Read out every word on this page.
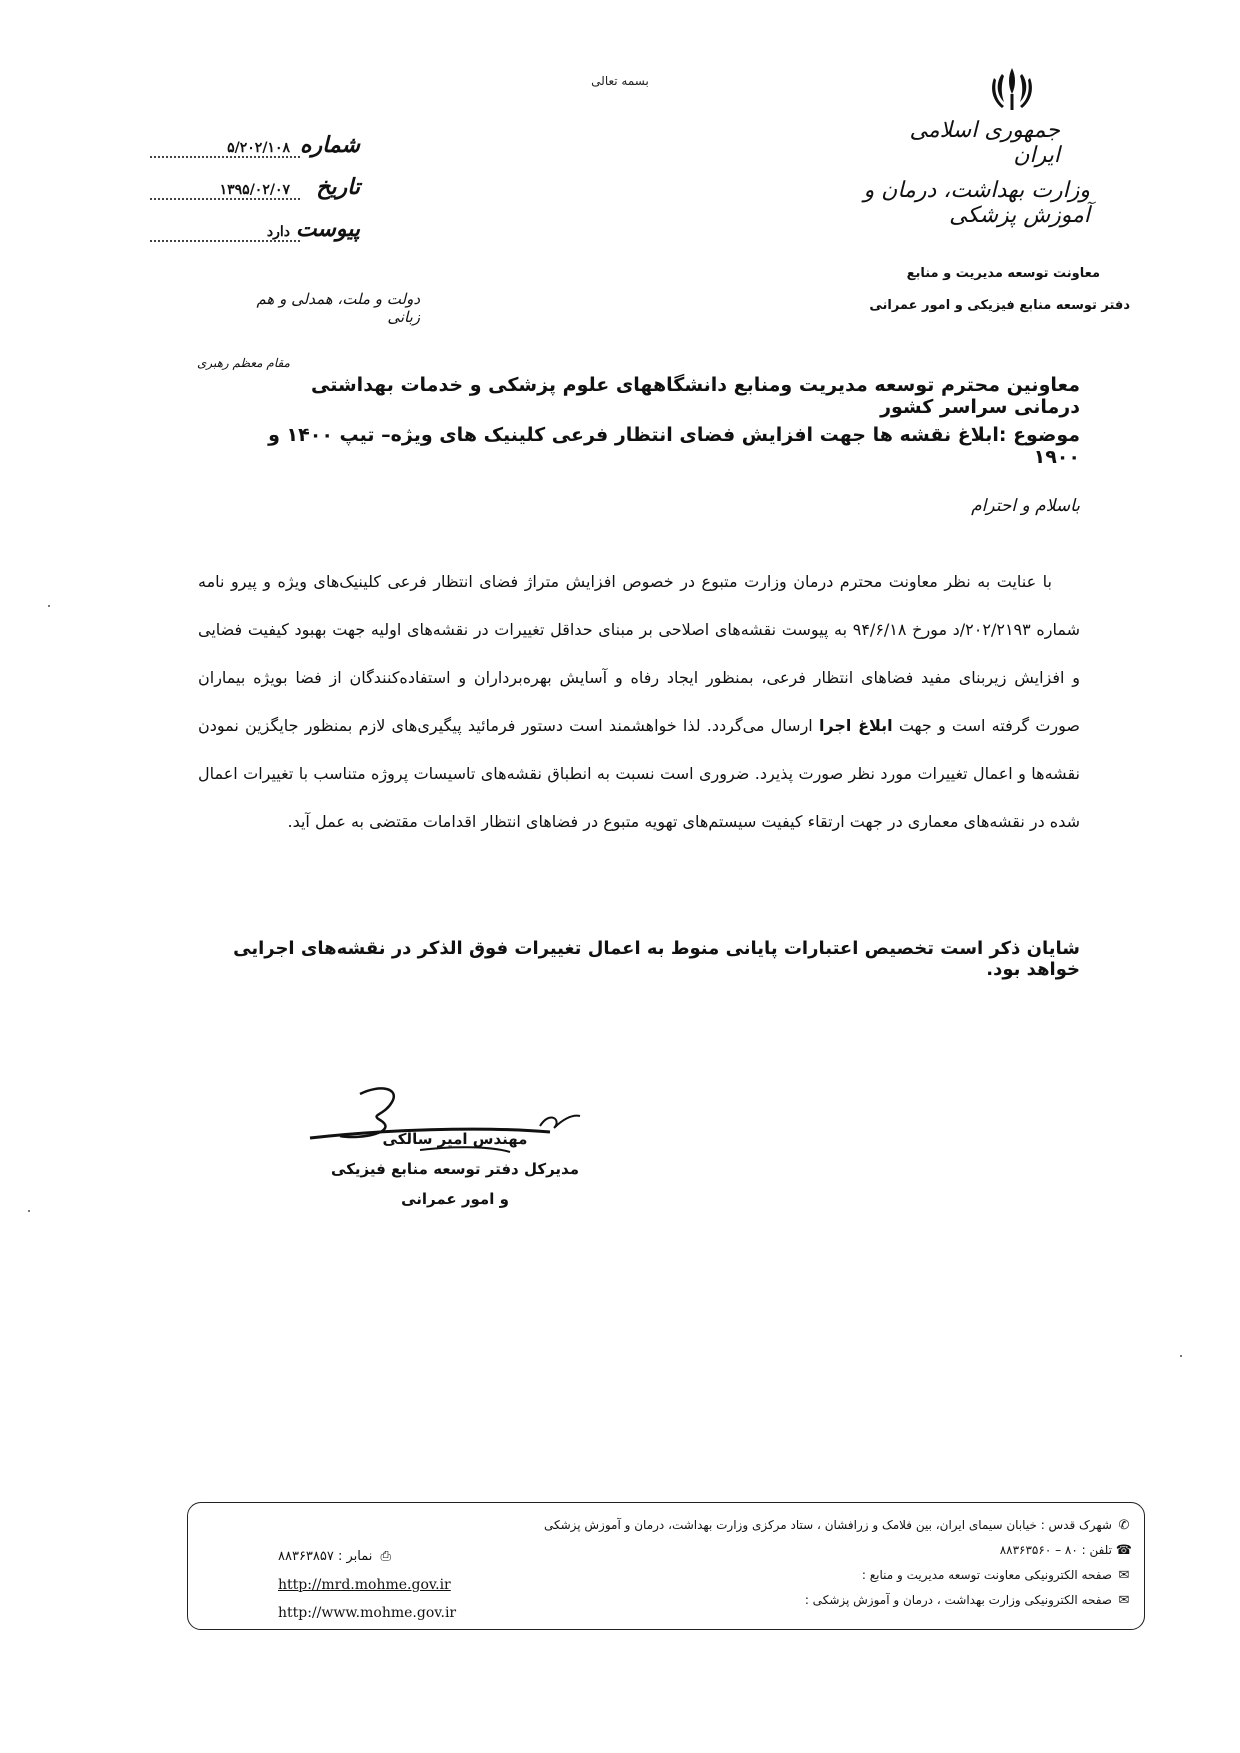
بسمه تعالی
جمهوری اسلامی ایران
وزارت بهداشت، درمان و آموزش پزشکی
معاونت توسعه مدیریت و منابع
دفتر توسعه منابع فیزیکی و امور عمرانی
شماره
۵/۲۰۲/۱۰۸
تاریخ
۱۳۹۵/۰۲/۰۷
پیوست
دارد
دولت و ملت، همدلی و هم زبانی
مقام معظم رهبری
معاونین محترم توسعه مدیریت ومنابع دانشگاههای علوم پزشکی و خدمات بهداشتی درمانی سراسر کشور
موضوع :ابلاغ نقشه ها جهت افزایش فضای انتظار فرعی کلینیک های ویژه– تیپ ۱۴۰۰ و ۱۹۰۰
باسلام و احترام

با عنایت به نظر معاونت محترم درمان وزارت متبوع در خصوص افزایش متراژ فضای انتظار فرعی کلینیک‌های ویژه و پیرو نامه شماره ۲۰۲/۲۱۹۳/د مورخ ۹۴/۶/۱۸ به پیوست نقشه‌های اصلاحی بر مبنای حداقل تغییرات در نقشه‌های اولیه جهت بهبود کیفیت فضایی و افزایش زیربنای مفید فضاهای انتظار فرعی، بمنظور ایجاد رفاه و آسایش بهره‌برداران و استفاده‌کنندگان از فضا بویژه بیماران صورت گرفته است و جهت ابلاغ اجرا ارسال می‌گردد. لذا خواهشمند است دستور فرمائید پیگیری‌های لازم بمنظور جایگزین نمودن نقشه‌ها و اعمال تغییرات مورد نظر صورت پذیرد. ضروری است نسبت به انطباق نقشه‌های تاسیسات پروژه متناسب با تغییرات اعمال شده در نقشه‌های معماری در جهت ارتقاء کیفیت سیستم‌های تهویه متبوع در فضاهای انتظار اقدامات مقتضی به عمل آید.

شایان ذکر است تخصیص اعتبارات پایانی منوط به اعمال تغییرات فوق الذکر در نقشه‌های اجرایی خواهد بود.
مهندس امیر سالکی
مدیرکل دفتر توسعه منابع فیزیکی
و امور عمرانی
✆
شهرک قدس : خیابان سیمای ایران، بین فلامک و زرافشان ، ستاد مرکزی وزارت بهداشت، درمان و آموزش پزشکی
☎
تلفن : ۸۰ – ۸۸۳۶۳۵۶۰
✉
صفحه الکترونیکی معاونت توسعه مدیریت و منابع :
✉
صفحه الکترونیکی وزارت بهداشت ، درمان و آموزش پزشکی :
⎙ نمابر : ۸۸۳۶۳۸۵۷
http://mrd.mohme.gov.ir
http://www.mohme.gov.ir
